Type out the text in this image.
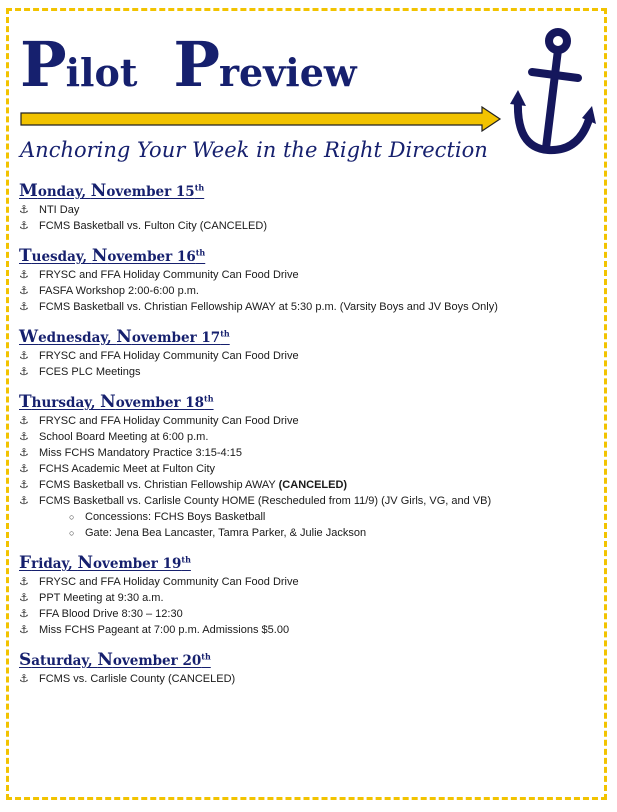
Pilot Preview
Anchoring Your Week in the Right Direction
Monday, November 15th
⚓ NTI Day
⚓ FCMS Basketball vs. Fulton City (CANCELED)
Tuesday, November 16th
⚓ FRYSC and FFA Holiday Community Can Food Drive
⚓ FASFA Workshop 2:00-6:00 p.m.
⚓ FCMS Basketball vs. Christian Fellowship AWAY at 5:30 p.m. (Varsity Boys and JV Boys Only)
Wednesday, November 17th
⚓ FRYSC and FFA Holiday Community Can Food Drive
⚓ FCES PLC Meetings
Thursday, November 18th
⚓ FRYSC and FFA Holiday Community Can Food Drive
⚓ School Board Meeting at 6:00 p.m.
⚓ Miss FCHS Mandatory Practice 3:15-4:15
⚓ FCHS Academic Meet at Fulton City
⚓ FCMS Basketball vs. Christian Fellowship AWAY (CANCELED)
⚓ FCMS Basketball vs. Carlisle County HOME (Rescheduled from 11/9) (JV Girls, VG, and VB)
○ Concessions: FCHS Boys Basketball
○ Gate: Jena Bea Lancaster, Tamra Parker, & Julie Jackson
Friday, November 19th
⚓ FRYSC and FFA Holiday Community Can Food Drive
⚓ PPT Meeting at 9:30 a.m.
⚓ FFA Blood Drive 8:30 – 12:30
⚓ Miss FCHS Pageant at 7:00 p.m. Admissions $5.00
Saturday, November 20th
⚓ FCMS vs. Carlisle County (CANCELED)
